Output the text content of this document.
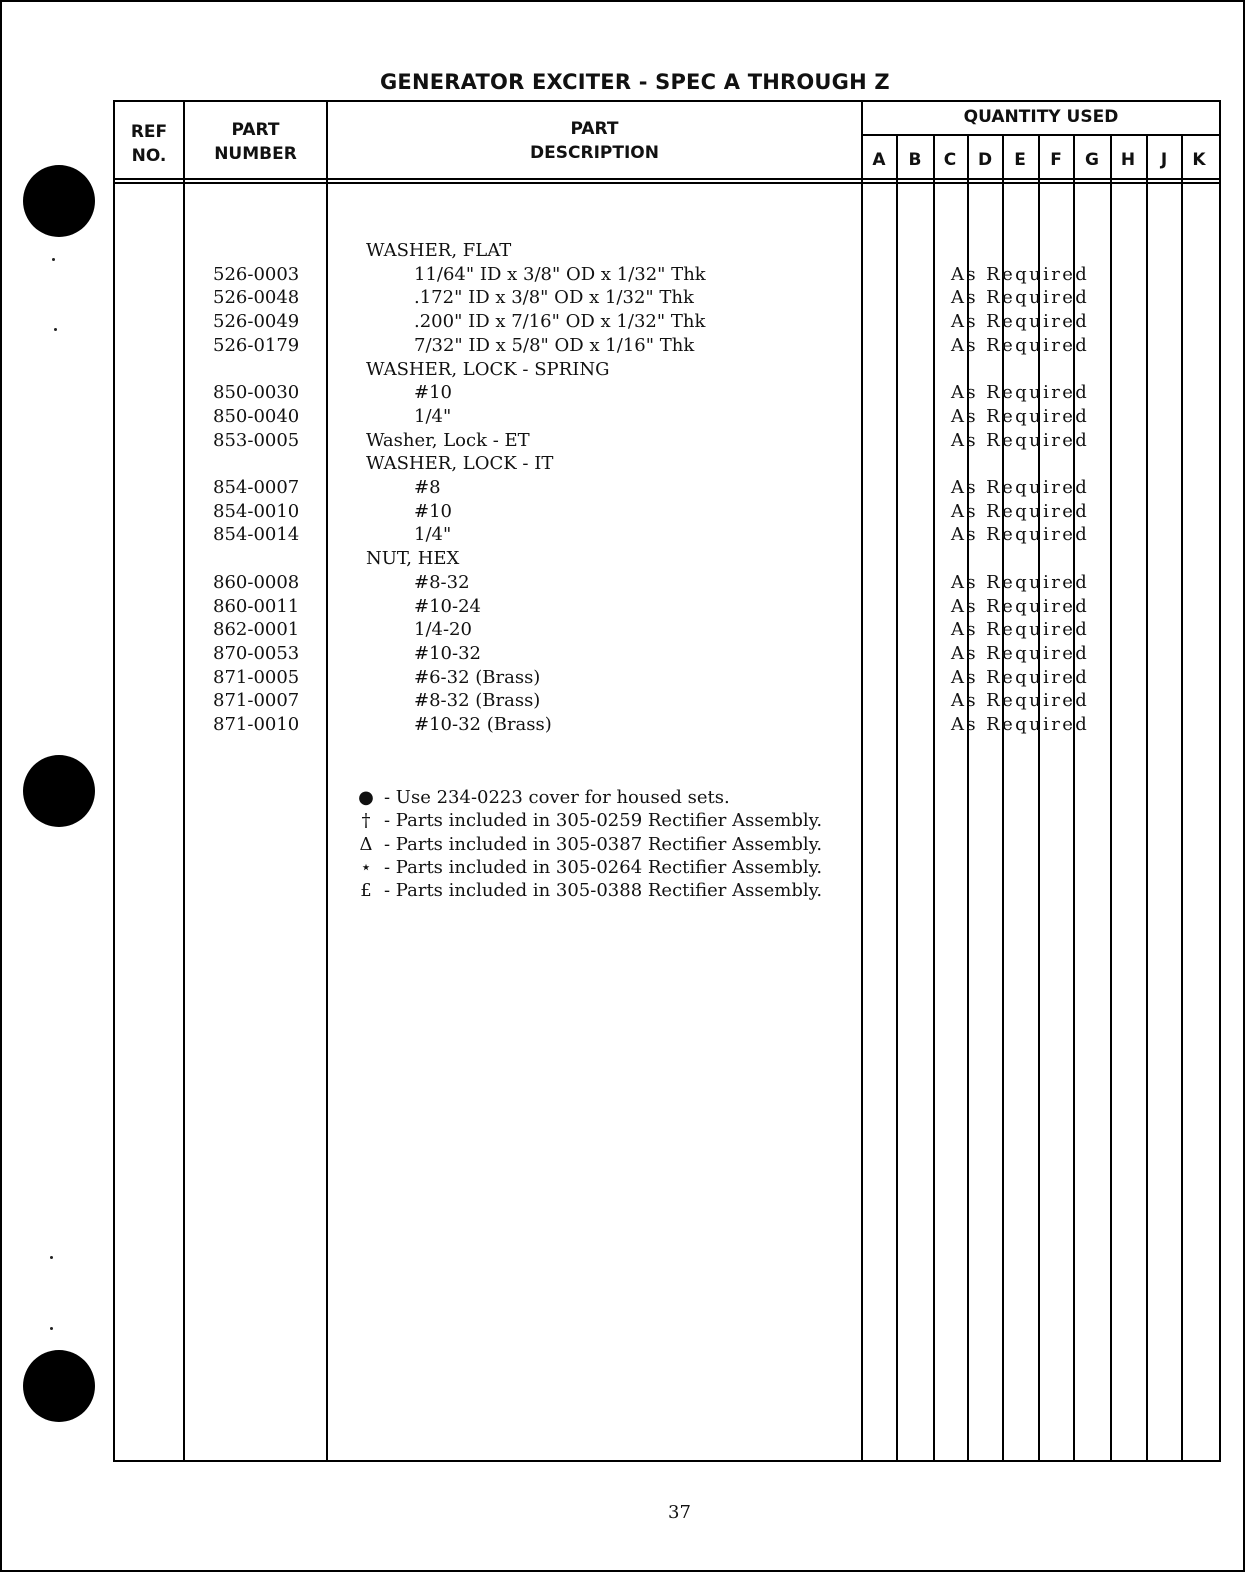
GENERATOR EXCITER - SPEC A THROUGH Z
REF
NO.
PART
NUMBER
PART
DESCRIPTION
QUANTITY USED
A	B	C	D	E	F	G	H	J	K
WASHER, FLAT
526-0003	11/64" ID x 3/8" OD x 1/32" Thk	As Required
526-0048	.172" ID x 3/8" OD x 1/32" Thk	As Required
526-0049	.200" ID x 7/16" OD x 1/32" Thk	As Required
526-0179	7/32" ID x 5/8" OD x 1/16" Thk	As Required
WASHER, LOCK - SPRING
850-0030	#10	As Required
850-0040	1/4"	As Required
853-0005	Washer, Lock - ET	As Required
WASHER, LOCK - IT
854-0007	#8	As Required
854-0010	#10	As Required
854-0014	1/4"	As Required
NUT, HEX
860-0008	#8-32	As Required
860-0011	#10-24	As Required
862-0001	1/4-20	As Required
870-0053	#10-32	As Required
871-0005	#6-32 (Brass)	As Required
871-0007	#8-32 (Brass)	As Required
871-0010	#10-32 (Brass)	As Required
● - Use 234-0223 cover for housed sets.
† - Parts included in 305-0259 Rectifier Assembly.
Δ - Parts included in 305-0387 Rectifier Assembly.
⋆ - Parts included in 305-0264 Rectifier Assembly.
£ - Parts included in 305-0388 Rectifier Assembly.
37
